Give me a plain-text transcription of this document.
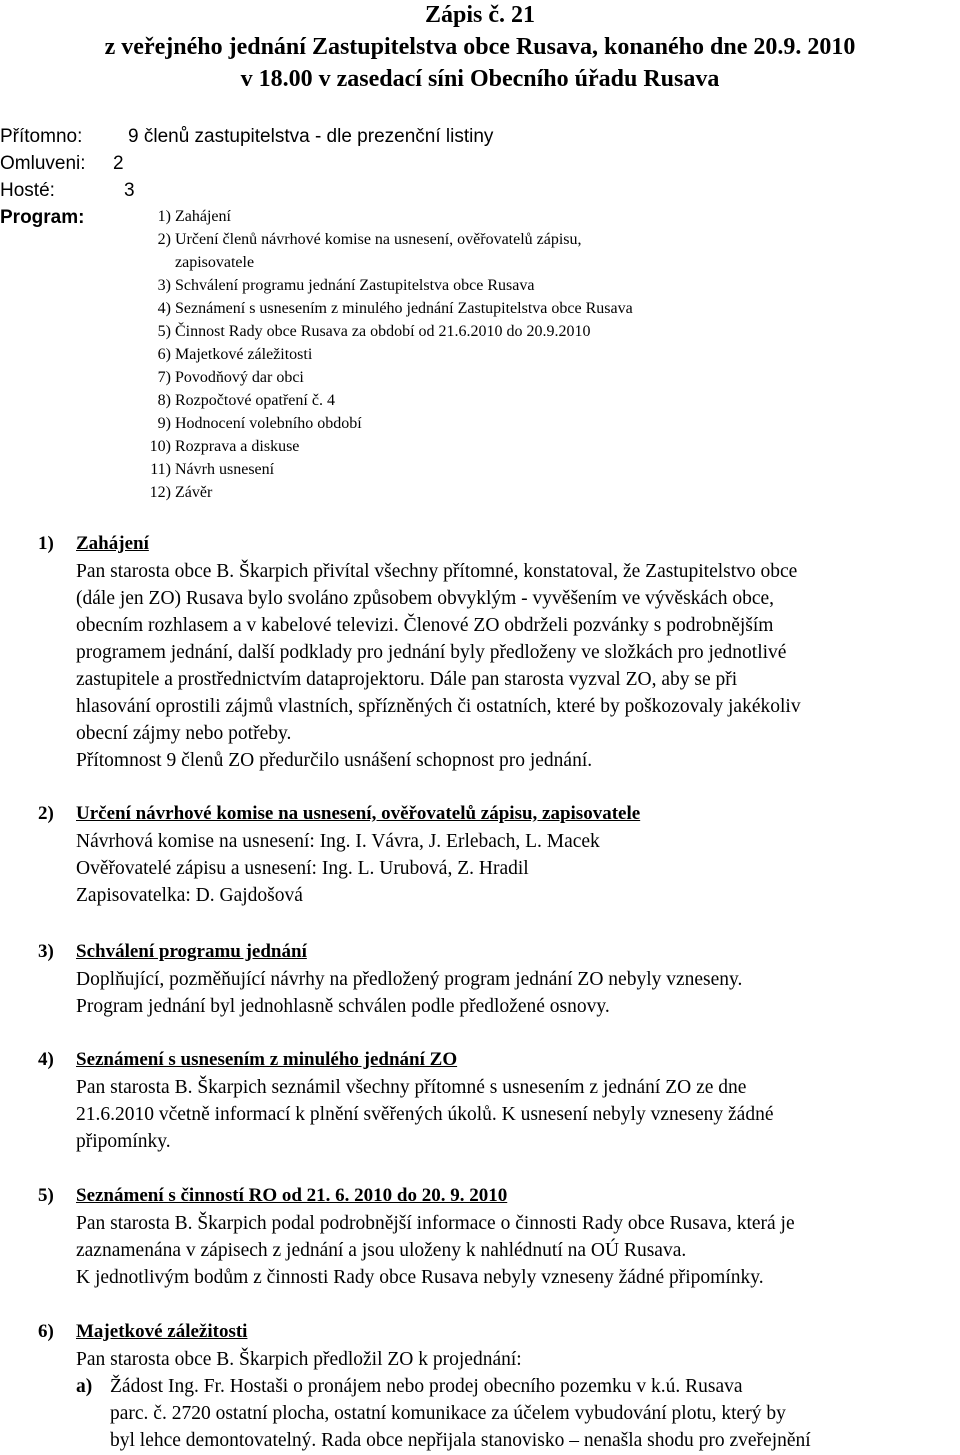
Zápis č. 21
z veřejného jednání Zastupitelstva obce Rusava, konaného dne 20.9. 2010
v 18.00 v zasedací síni Obecního úřadu Rusava
Přítomno: 9 členů zastupitelstva - dle prezenční listiny
Omluveni: 2
Hosté:	3
Program:	1) Zahájení
2) Určení členů návrhové komise na usnesení, ověřovatelů zápisu,
zapisovatele
3) Schválení programu jednání Zastupitelstva obce Rusava
4) Seznámení s usnesením z minulého jednání Zastupitelstva obce Rusava
5) Činnost Rady obce Rusava za období od 21.6.2010 do 20.9.2010
6) Majetkové záležitosti
7) Povodňový dar obci
8) Rozpočtové opatření č. 4
9) Hodnocení volebního období
10) Rozprava a diskuse
11) Návrh usnesení
12) Závěr
1) Zahájení
Pan starosta obce B. Škarpich přivítal všechny přítomné, konstatoval, že Zastupitelstvo obce
(dále jen ZO) Rusava bylo svoláno způsobem obvyklým - vyvěšením ve vývěskách obce,
obecním rozhlasem a v kabelové televizi. Členové ZO obdrželi pozvánky s podrobnějším
programem jednání, další podklady pro jednání byly předloženy ve složkách pro jednotlivé
zastupitele a prostřednictvím dataprojektoru. Dále pan starosta vyzval ZO, aby se při
hlasování oprostili zájmů vlastních, spřízněných či ostatních, které by poškozovaly jakékoliv
obecní zájmy nebo potřeby.
Přítomnost 9 členů ZO předurčilo usnášení schopnost pro jednání.
2) Určení návrhové komise na usnesení, ověřovatelů zápisu, zapisovatele
Návrhová komise na usnesení: Ing. I. Vávra, J. Erlebach, L. Macek
Ověřovatelé zápisu a usnesení: Ing. L. Urubová, Z. Hradil
Zapisovatelka: D. Gajdošová
3) Schválení programu jednání
Doplňující, pozměňující návrhy na předložený program jednání ZO nebyly vzneseny.
Program jednání byl jednohlasně schválen podle předložené osnovy.
4) Seznámení s usnesením z minulého jednání ZO
Pan starosta B. Škarpich seznámil všechny přítomné s usnesením z jednání ZO ze dne
21.6.2010 včetně informací k plnění svěřených úkolů. K usnesení nebyly vzneseny žádné
připomínky.
5) Seznámení s činností RO od 21. 6. 2010 do 20. 9. 2010
Pan starosta B. Škarpich podal podrobnější informace o činnosti Rady obce Rusava, která je
zaznamenána v zápisech z jednání a jsou uloženy k nahlédnutí na OÚ Rusava.
K jednotlivým bodům z činnosti Rady obce Rusava nebyly vzneseny žádné připomínky.
6) Majetkové záležitosti
Pan starosta obce B. Škarpich předložil ZO k projednání:
a) Žádost Ing. Fr. Hostaši o pronájem nebo prodej obecního pozemku v k.ú. Rusava
parc. č. 2720 ostatní plocha, ostatní komunikace za účelem vybudování plotu, který by
byl lehce demontovatelný. Rada obce nepřijala stanovisko – nenašla shodu pro zveřejnění
